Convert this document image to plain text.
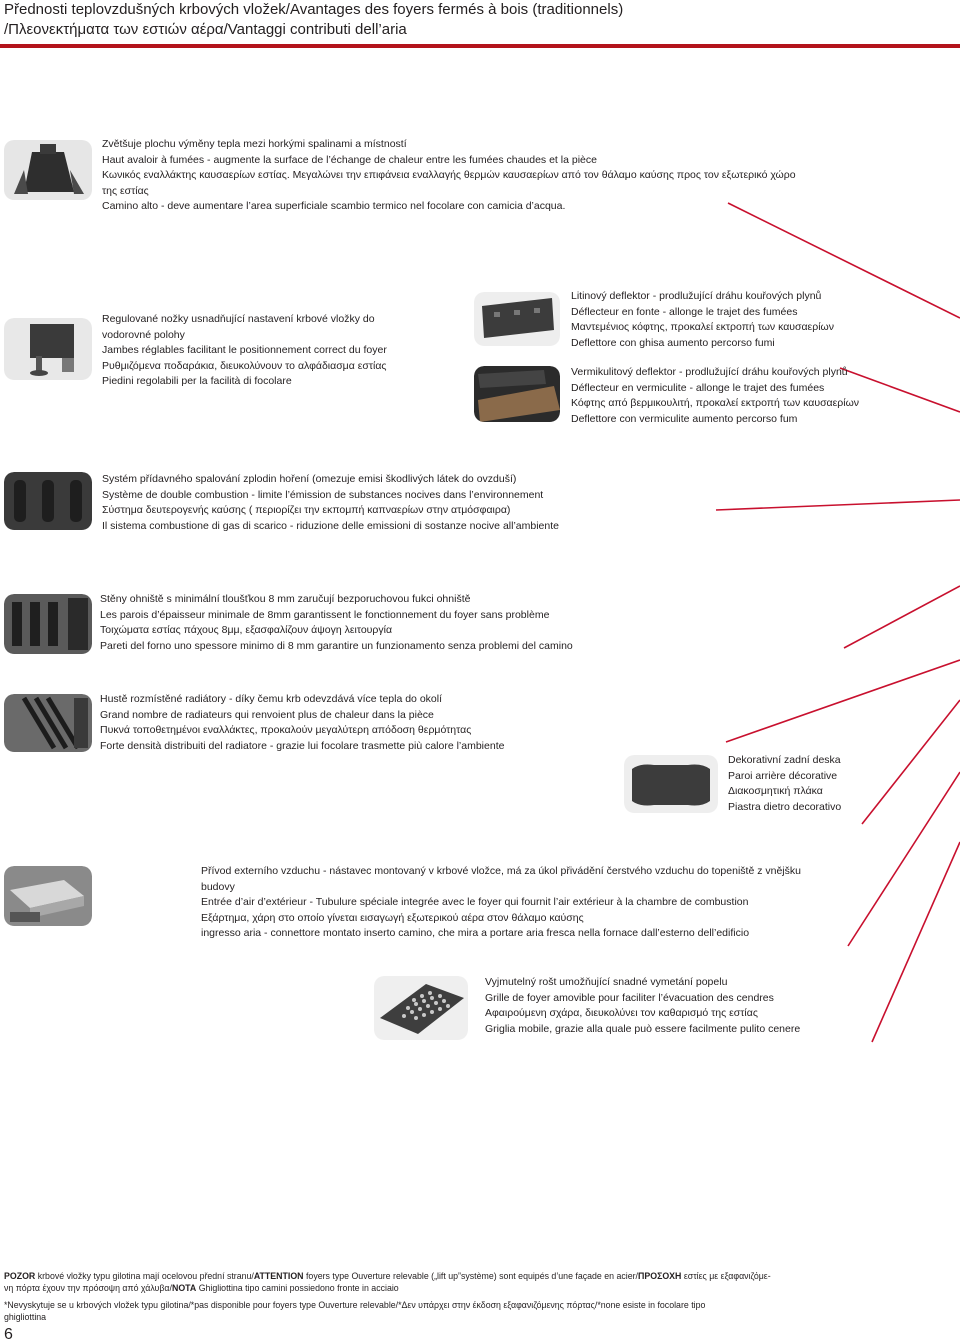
Přednosti teplovzdušných krbových vložek/Avantages des foyers fermés à bois (traditionnels)
/Πλεονεκτήματα των εστιών αέρα/Vantaggi contributi dell’aria
Zvětšuje plochu výměny tepla mezi horkými spalinami a místností
Haut avaloir à fumées - augmente la surface de l’échange de chaleur entre les fumées chaudes et la pièce
Κωνικός εναλλάκτης καυσαερίων εστίας. Μεγαλώνει την επιφάνεια εναλλαγής θερμών καυσαερίων από τον θάλαμο καύσης προς τον εξωτερικό χώρο
της εστίας
Camino alto - deve aumentare l’area superficiale scambio termico nel focolare con camicia d’acqua.
Regulované nožky usnadňující nastavení krbové vložky do
vodorovné polohy
Jambes réglables facilitant le positionnement correct du foyer
Ρυθμιζόμενα ποδαράκια, διευκολύνουν το αλφάδιασμα εστίας
Piedini regolabili per la facilità di focolare
Litinový deflektor - prodlužující dráhu kouřových plynů
Déflecteur en fonte - allonge le trajet des fumées
Μαντεμένιος κόφτης, προκαλεί εκτροπή των καυσαερίων
Deflettore con ghisa aumento percorso fumi
Vermikulitový deflektor - prodlužující dráhu kouřových plynů
Déflecteur en vermiculite - allonge le trajet des fumées
Κόφτης από βερμικουλιτή, προκαλεί εκτροπή των καυσαερίων
Deflettore con vermiculite aumento percorso fum
Systém přídavného spalování zplodin hoření (omezuje emisi škodlivých látek do ovzduší)
Système de double combustion - limite l’émission de substances nocives dans l’environnement
Σύστημα δευτερογενής καύσης ( περιορίζει την εκπομπή καπναερίων στην ατμόσφαιρα)
Il sistema combustione di gas di scarico - riduzione delle emissioni di sostanze nocive all’ambiente
Stěny ohniště s minimální tloušťkou 8 mm zaručují bezporuchovou fukci ohniště
Les parois d’épaisseur minimale de 8mm garantissent le fonctionnement du foyer sans problème
Τοιχώματα εστίας πάχους 8μμ, εξασφαλίζουν άψογη λειτουργία
Pareti del forno uno spessore minimo di 8 mm garantire un funzionamento senza problemi del camino
Hustě rozmístěné radiátory - díky čemu krb odevzdává více tepla do okolí
Grand nombre de radiateurs qui renvoient plus de chaleur dans la pièce
Πυκνά τοποθετημένοι εναλλάκτες, προκαλούν μεγαλύτερη απόδοση θερμότητας
Forte densità distribuiti del radiatore - grazie lui focolare trasmette più calore l’ambiente
Dekorativní zadní deska
Paroi arrière décorative
Διακοσμητική πλάκα
Piastra dietro decorativo
Přívod externího vzduchu - nástavec montovaný v krbové vložce, má za úkol přivádění čerstvého vzduchu do topeniště z vnějšku
budovy
Entrée d’air d’extérieur - Tubulure spéciale integrée avec le foyer qui fournit l’air extérieur à la chambre de combustion
Εξάρτημα, χάρη στο οποίο γίνεται εισαγωγή εξωτερικού αέρα στον θάλαμο καύσης
ingresso aria - connettore montato inserto camino, che mira a portare aria fresca nella fornace dall’esterno dell’edificio
Vyjmutelný rošt umožňující snadné vymetání popelu
Grille de foyer amovible pour faciliter l’évacuation des cendres
Αφαιρούμενη σχάρα, διευκολύνει τον καθαρισμό της εστίας
Griglia mobile, grazie alla quale può essere facilmente pulito cenere
POZOR krbové vložky typu gilotina mají ocelovou přední stranu/ATTENTION foyers type Ouverture relevable („lift up”système) sont equipés d’une façade en acier/ΠΡΟΣΟΧΗ εστίες με εξαφανιζόμε-
νη πόρτα έχουν την πρόσοψη από χάλυβα/NOTA Ghigliottina tipo camini possiedono fronte in acciaio
*Nevyskytuje se u krbových vložek typu gilotina/*pas disponible pour foyers type Ouverture relevable/*Δεν υπάρχει στην έκδοση εξαφανιζόμενης πόρτας/*none esiste in focolare tipo
ghigliottina
6
